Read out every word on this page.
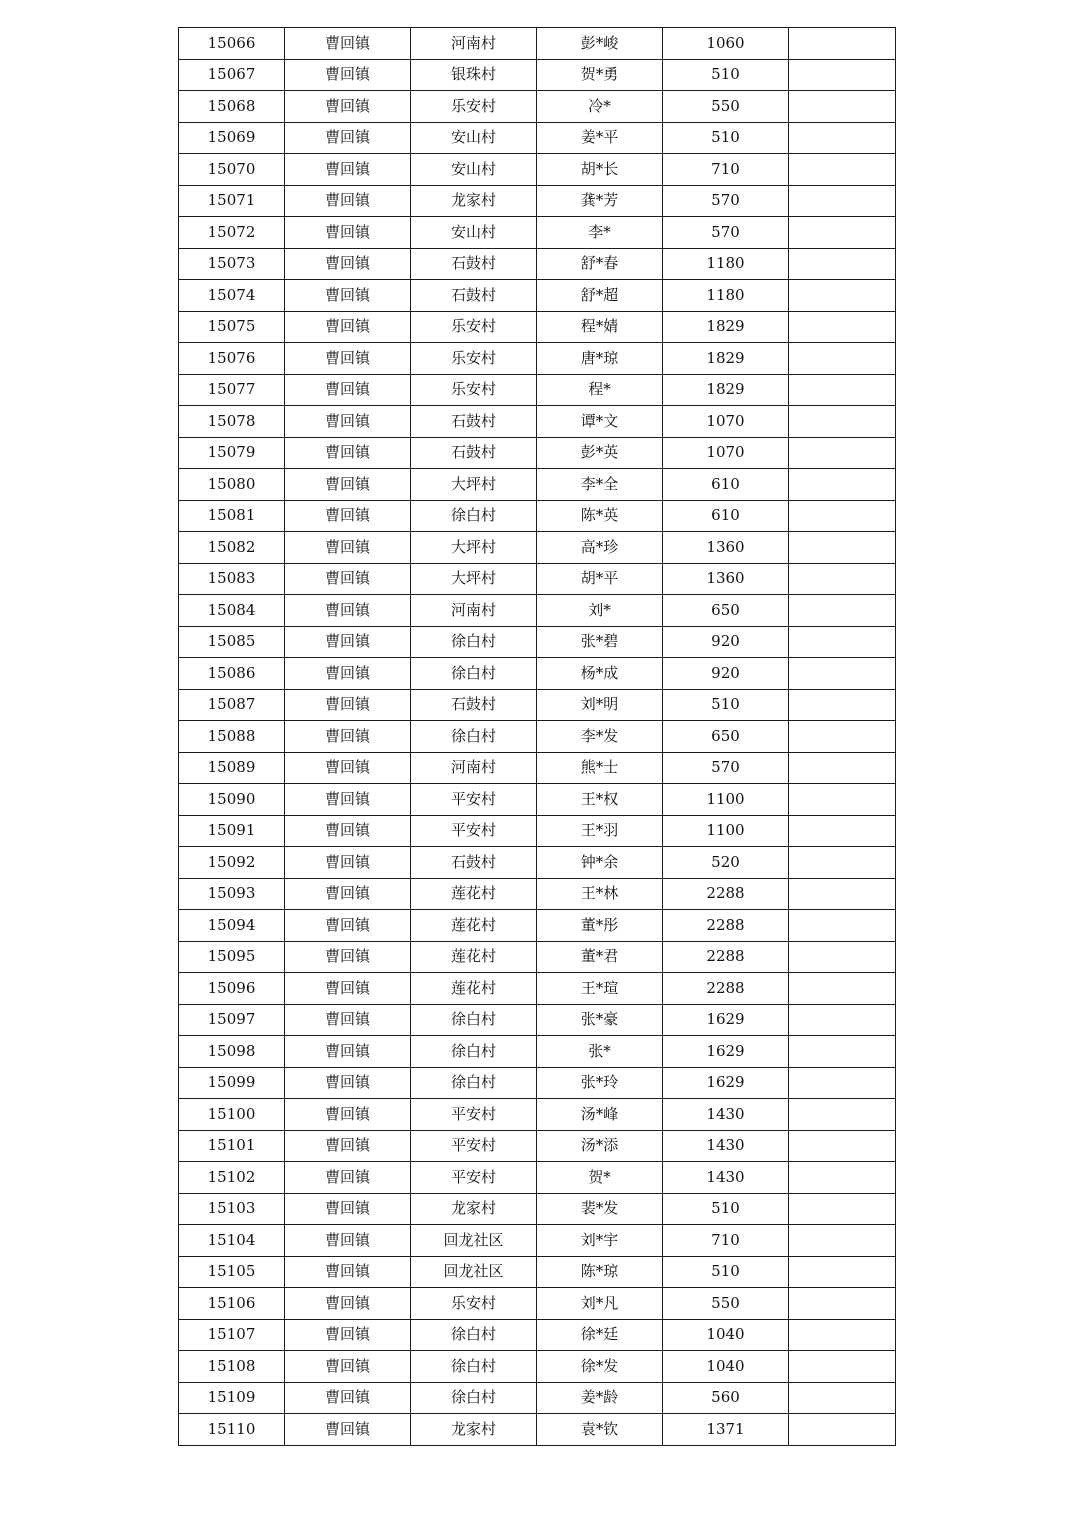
15066	曹回镇	河南村	彭*峻	1060	
15067	曹回镇	银珠村	贺*勇	510	
15068	曹回镇	乐安村	冷*	550	
15069	曹回镇	安山村	姜*平	510	
15070	曹回镇	安山村	胡*长	710	
15071	曹回镇	龙家村	龚*芳	570	
15072	曹回镇	安山村	李*	570	
15073	曹回镇	石鼓村	舒*春	1180	
15074	曹回镇	石鼓村	舒*超	1180	
15075	曹回镇	乐安村	程*婧	1829	
15076	曹回镇	乐安村	唐*琼	1829	
15077	曹回镇	乐安村	程*	1829	
15078	曹回镇	石鼓村	谭*文	1070	
15079	曹回镇	石鼓村	彭*英	1070	
15080	曹回镇	大坪村	李*全	610	
15081	曹回镇	徐白村	陈*英	610	
15082	曹回镇	大坪村	高*珍	1360	
15083	曹回镇	大坪村	胡*平	1360	
15084	曹回镇	河南村	刘*	650	
15085	曹回镇	徐白村	张*碧	920	
15086	曹回镇	徐白村	杨*成	920	
15087	曹回镇	石鼓村	刘*明	510	
15088	曹回镇	徐白村	李*发	650	
15089	曹回镇	河南村	熊*士	570	
15090	曹回镇	平安村	王*权	1100	
15091	曹回镇	平安村	王*羽	1100	
15092	曹回镇	石鼓村	钟*余	520	
15093	曹回镇	莲花村	王*林	2288	
15094	曹回镇	莲花村	董*彤	2288	
15095	曹回镇	莲花村	董*君	2288	
15096	曹回镇	莲花村	王*瑄	2288	
15097	曹回镇	徐白村	张*豪	1629	
15098	曹回镇	徐白村	张*	1629	
15099	曹回镇	徐白村	张*玲	1629	
15100	曹回镇	平安村	汤*峰	1430	
15101	曹回镇	平安村	汤*添	1430	
15102	曹回镇	平安村	贺*	1430	
15103	曹回镇	龙家村	裴*发	510	
15104	曹回镇	回龙社区	刘*宇	710	
15105	曹回镇	回龙社区	陈*琼	510	
15106	曹回镇	乐安村	刘*凡	550	
15107	曹回镇	徐白村	徐*廷	1040	
15108	曹回镇	徐白村	徐*发	1040	
15109	曹回镇	徐白村	姜*龄	560	
15110	曹回镇	龙家村	袁*钦	1371	
